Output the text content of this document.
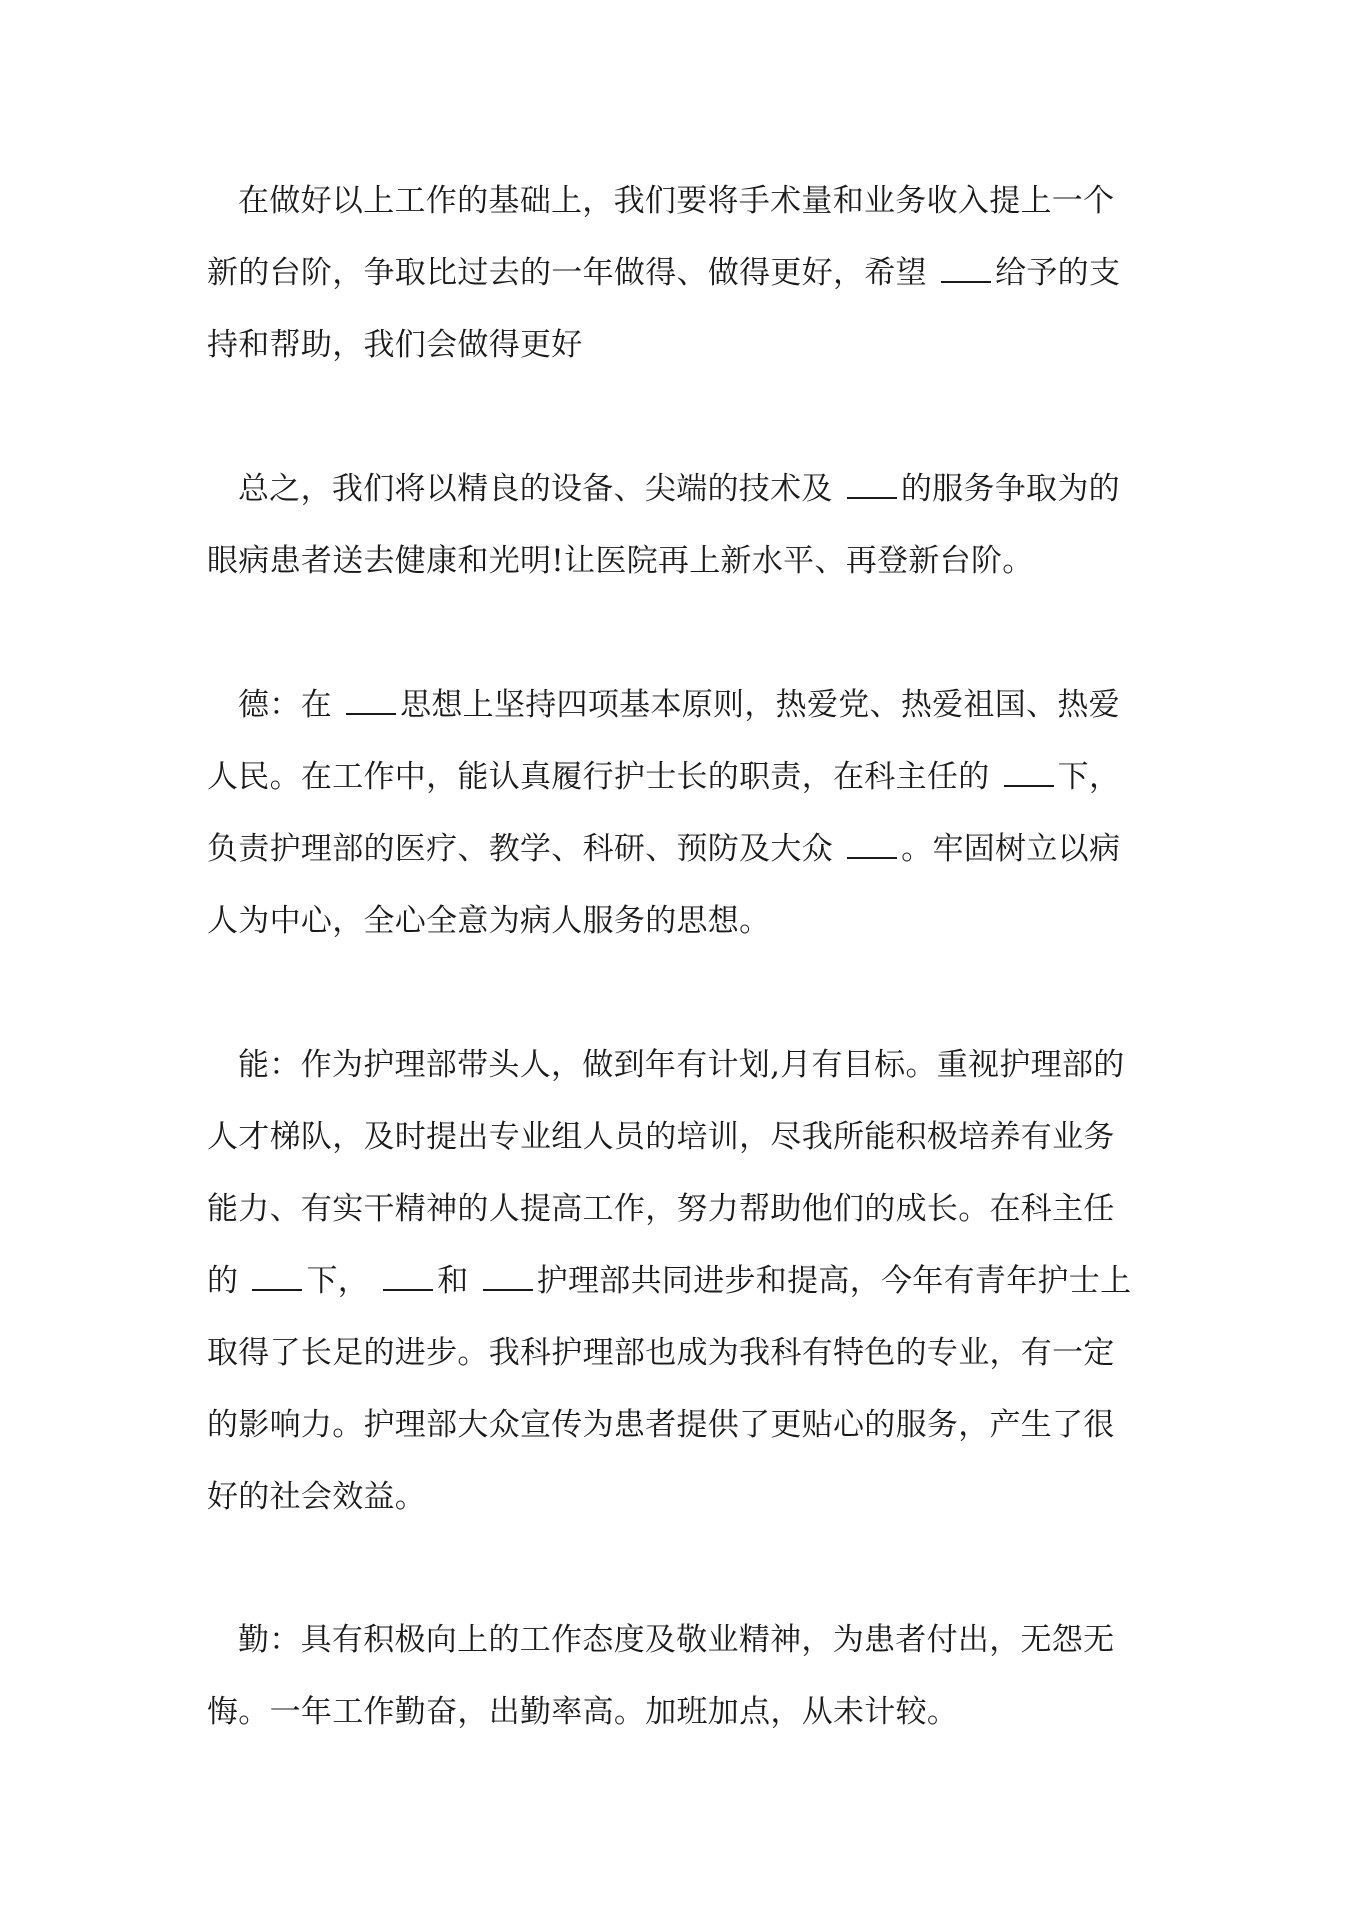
在做好以上工作的基础上，我们要将手术量和业务收入提上一个
新的台阶，争取比过去的一年做得、做得更好，希望 给予的支
持和帮助，我们会做得更好
总之，我们将以精良的设备、尖端的技术及 的服务争取为的
眼病患者送去健康和光明!让医院再上新水平、再登新台阶。
德：在 思想上坚持四项基本原则，热爱党、热爱祖国、热爱
人民。在工作中，能认真履行护士长的职责，在科主任的 下，
负责护理部的医疗、教学、科研、预防及大众 。牢固树立以病
人为中心，全心全意为病人服务的思想。
能：作为护理部带头人，做到年有计划,月有目标。重视护理部的
人才梯队，及时提出专业组人员的培训，尽我所能积极培养有业务
能力、有实干精神的人提高工作，努力帮助他们的成长。在科主任
的 下， 和 护理部共同进步和提高，今年有青年护士上
取得了长足的进步。我科护理部也成为我科有特色的专业，有一定
的影响力。护理部大众宣传为患者提供了更贴心的服务，产生了很
好的社会效益。
勤：具有积极向上的工作态度及敬业精神，为患者付出，无怨无
悔。一年工作勤奋，出勤率高。加班加点，从未计较。
